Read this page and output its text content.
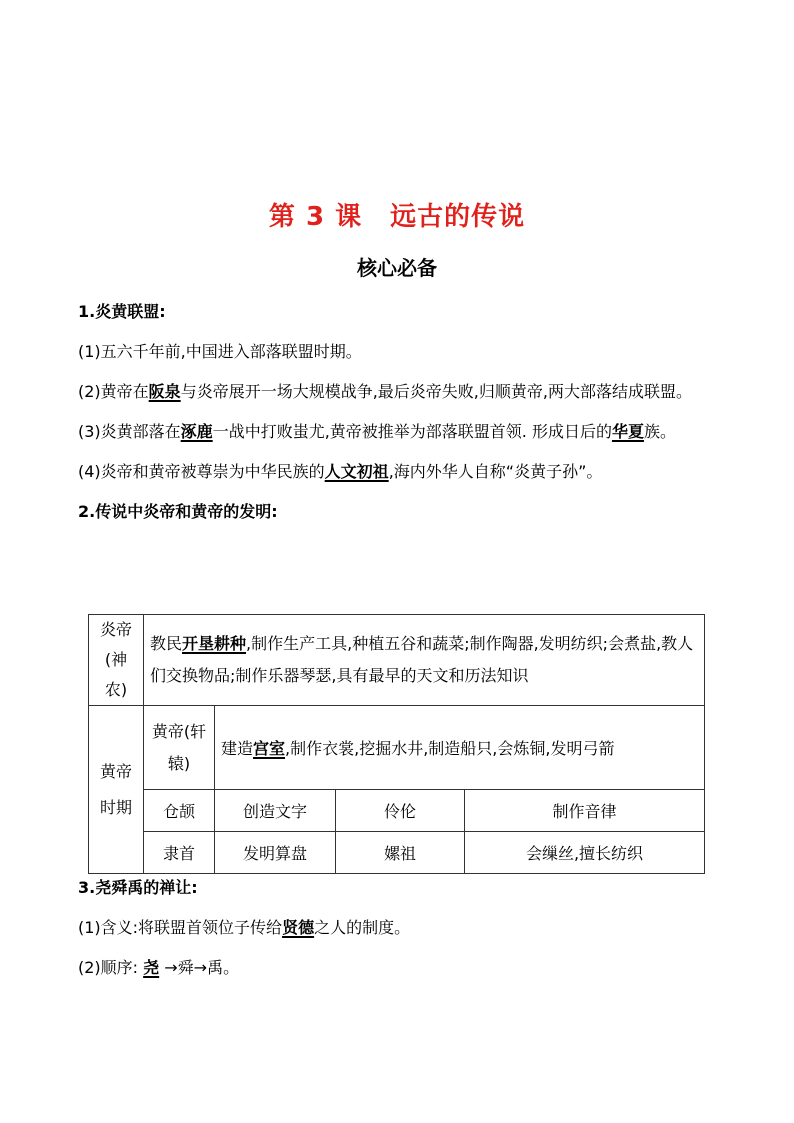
第 3 课 远古的传说
核心必备
1.炎黄联盟:
(1)五六千年前,中国进入部落联盟时期。
(2)黄帝在阪泉与炎帝展开一场大规模战争,最后炎帝失败,归顺黄帝,两大部落结成联盟。
(3)炎黄部落在涿鹿一战中打败蚩尤,黄帝被推举为部落联盟首领. 形成日后的华夏族。
(4)炎帝和黄帝被尊崇为中华民族的人文初祖,海内外华人自称“炎黄子孙”。
2.传说中炎帝和黄帝的发明:
炎帝(神农)	教民开垦耕种,制作生产工具,种植五谷和蔬菜;制作陶器,发明纺织;会煮盐,教人们交换物品;制作乐器琴瑟,具有最早的天文和历法知识			
黄帝时期	黄帝(轩辕)	建造宫室,制作衣裳,挖掘水井,制造船只,会炼铜,发明弓箭		
	仓颉	创造文字	伶伦	制作音律
	隶首	发明算盘	嫘祖	会缫丝,擅长纺织
3.尧舜禹的禅让:
(1)含义:将联盟首领位子传给贤德之人的制度。
(2)顺序: 尧 →舜→禹。
